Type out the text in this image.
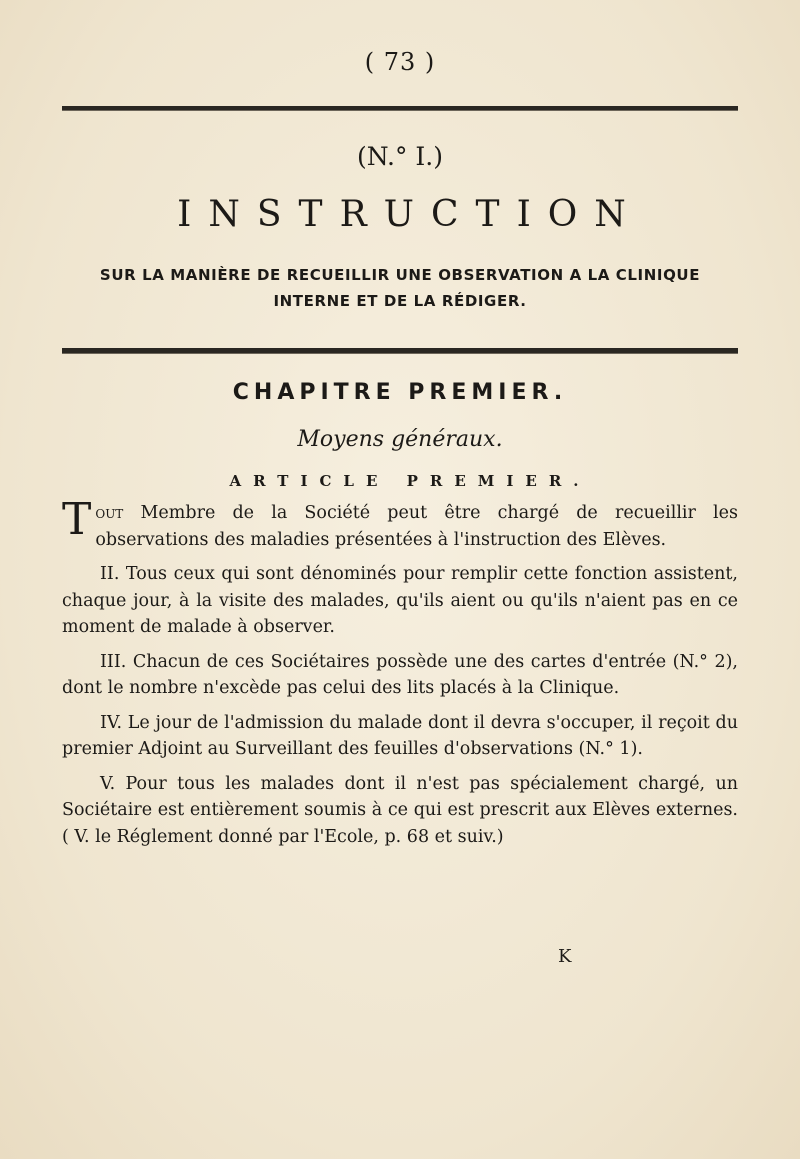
( 73 )
(N.° I.)
INSTRUCTION
SUR LA MANIÈRE DE RECUEILLIR UNE OBSERVATION A LA CLINIQUE
INTERNE ET DE LA RÉDIGER.
CHAPITRE PREMIER.
Moyens généraux.
ARTICLE PREMIER.

Tout Membre de la Société peut être chargé de recueillir les observations des maladies présentées à l'instruction des Elèves.

II. Tous ceux qui sont dénominés pour remplir cette fonction assistent, chaque jour, à la visite des malades, qu'ils aient ou qu'ils n'aient pas en ce moment de malade à observer.

III. Chacun de ces Sociétaires possède une des cartes d'entrée (N.° 2), dont le nombre n'excède pas celui des lits placés à la Clinique.

IV. Le jour de l'admission du malade dont il devra s'occuper, il reçoit du premier Adjoint au Surveillant des feuilles d'observations (N.° 1).

V. Pour tous les malades dont il n'est pas spécialement chargé, un Sociétaire est entièrement soumis à ce qui est prescrit aux Elèves externes. ( V. le Réglement donné par l'Ecole, p. 68 et suiv.)

K
